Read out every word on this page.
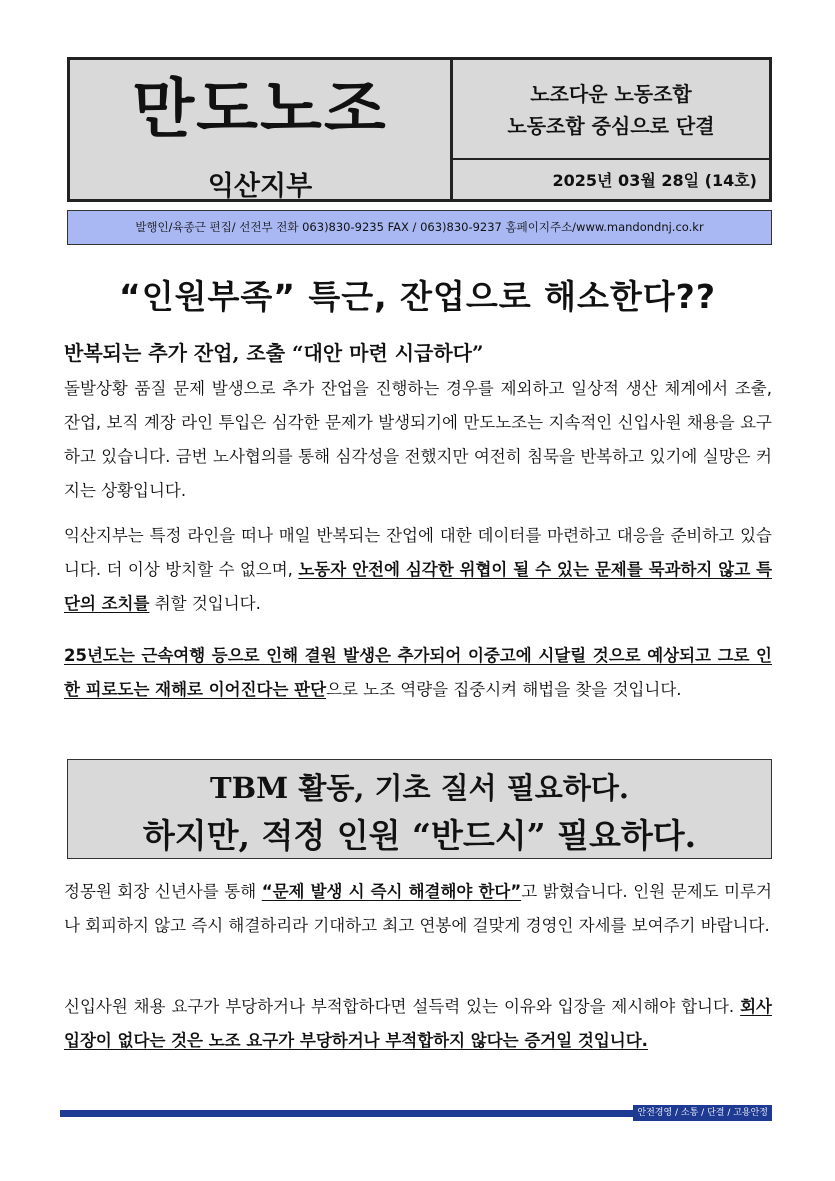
만도노조
익산지부
노조다운 노동조합
노동조합 중심으로 단결
2025년 03월 28일 (14호)
발행인/육종근 편집/ 선전부 전화 063)830-9235 FAX / 063)830-9237 홈페이지주소/www.mandondnj.co.kr
“인원부족” 특근, 잔업으로 해소한다??
반복되는 추가 잔업, 조출 “대안 마련 시급하다”
돌발상황 품질 문제 발생으로 추가 잔업을 진행하는 경우를 제외하고 일상적 생산 체계에서 조출, 잔업, 보직 계장 라인 투입은 심각한 문제가 발생되기에 만도노조는 지속적인 신입사원 채용을 요구하고 있습니다. 금번 노사협의를 통해 심각성을 전했지만 여전히 침묵을 반복하고 있기에 실망은 커지는 상황입니다.
익산지부는 특정 라인을 떠나 매일 반복되는 잔업에 대한 데이터를 마련하고 대응을 준비하고 있습니다. 더 이상 방치할 수 없으며, 노동자 안전에 심각한 위협이 될 수 있는 문제를 묵과하지 않고 특단의 조치를 취할 것입니다.
25년도는 근속여행 등으로 인해 결원 발생은 추가되어 이중고에 시달릴 것으로 예상되고 그로 인한 피로도는 재해로 이어진다는 판단으로 노조 역량을 집중시켜 해법을 찾을 것입니다.
TBM 활동, 기초 질서 필요하다.
하지만, 적정 인원 “반드시” 필요하다.
정몽원 회장 신년사를 통해 “문제 발생 시 즉시 해결해야 한다”고 밝혔습니다. 인원 문제도 미루거나 회피하지 않고 즉시 해결하리라 기대하고 최고 연봉에 걸맞게 경영인 자세를 보여주기 바랍니다.
신입사원 채용 요구가 부당하거나 부적합하다면 설득력 있는 이유와 입장을 제시해야 합니다. 회사 입장이 없다는 것은 노조 요구가 부당하거나 부적합하지 않다는 증거일 것입니다.
안전경영 / 소통 / 단결 / 고용안정
